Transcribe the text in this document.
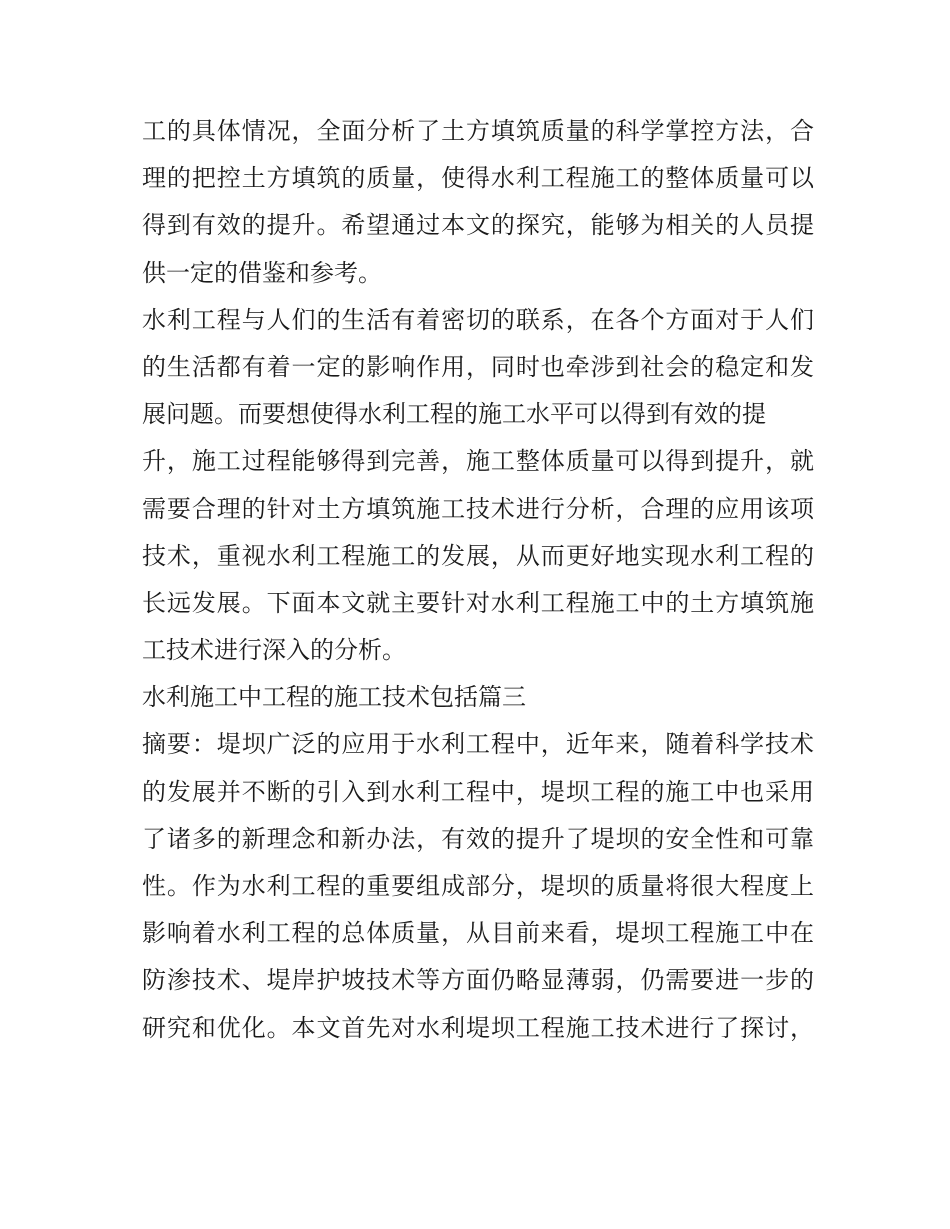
工的具体情况，全面分析了土方填筑质量的科学掌控方法，合
理的把控土方填筑的质量，使得水利工程施工的整体质量可以
得到有效的提升。希望通过本文的探究，能够为相关的人员提
供一定的借鉴和参考。
水利工程与人们的生活有着密切的联系，在各个方面对于人们
的生活都有着一定的影响作用，同时也牵涉到社会的稳定和发
展问题。而要想使得水利工程的施工水平可以得到有效的提
升，施工过程能够得到完善，施工整体质量可以得到提升，就
需要合理的针对土方填筑施工技术进行分析，合理的应用该项
技术，重视水利工程施工的发展，从而更好地实现水利工程的
长远发展。下面本文就主要针对水利工程施工中的土方填筑施
工技术进行深入的分析。
水利施工中工程的施工技术包括篇三
摘要：堤坝广泛的应用于水利工程中，近年来，随着科学技术
的发展并不断的引入到水利工程中，堤坝工程的施工中也采用
了诸多的新理念和新办法，有效的提升了堤坝的安全性和可靠
性。作为水利工程的重要组成部分，堤坝的质量将很大程度上
影响着水利工程的总体质量，从目前来看，堤坝工程施工中在
防渗技术、堤岸护坡技术等方面仍略显薄弱，仍需要进一步的
研究和优化。本文首先对水利堤坝工程施工技术进行了探讨，
